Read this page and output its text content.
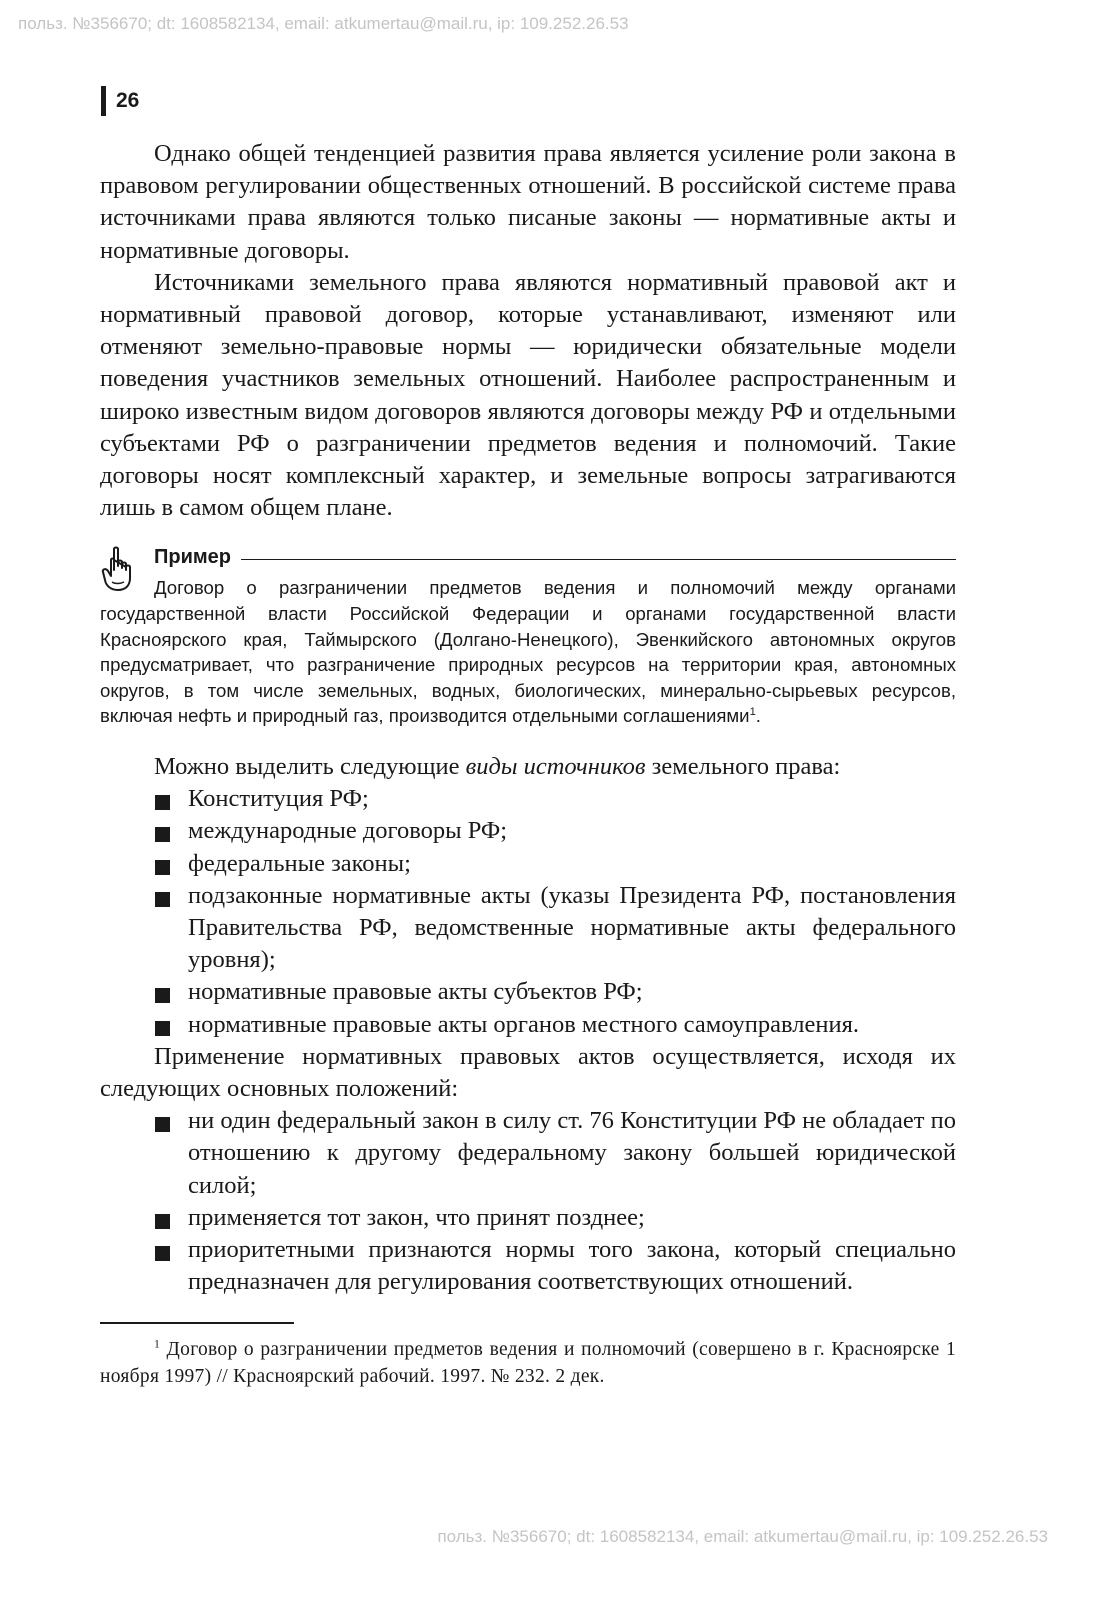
польз. №356670; dt: 1608582134, email: atkumertau@mail.ru, ip: 109.252.26.53
26

Однако общей тенденцией развития права является усиление роли закона в правовом регулировании общественных отношений. В российской системе права источниками права являются только писаные законы — нормативные акты и нормативные договоры.

Источниками земельного права являются нормативный правовой акт и нормативный правовой договор, которые устанавливают, изменяют или отменяют земельно-правовые нормы — юридически обязательные модели поведения участников земельных отношений. Наиболее распространенным и широко известным видом договоров являются договоры между РФ и отдельными субъектами РФ о разграничении предметов ведения и полномочий. Такие договоры носят комплексный характер, и земельные вопросы затрагиваются лишь в самом общем плане.

Пример

Договор о разграничении предметов ведения и полномочий между органами государственной власти Российской Федерации и органами государственной власти Красноярского края, Таймырского (Долгано-Ненецкого), Эвенкийского автономных округов предусматривает, что разграничение природных ресурсов на территории края, автономных округов, в том числе земельных, водных, биологических, минерально-сырьевых ресурсов, включая нефть и природный газ, производится отдельными соглашениями$^1$.

Можно выделить следующие виды источников земельного права:

Конституция РФ;
международные договоры РФ;
федеральные законы;
подзаконные нормативные акты (указы Президента РФ, постановления Правительства РФ, ведомственные нормативные акты федерального уровня);
нормативные правовые акты субъектов РФ;
нормативные правовые акты органов местного самоуправления.

Применение нормативных правовых актов осуществляется, исходя их следующих основных положений:

ни один федеральный закон в силу ст. 76 Конституции РФ не обладает по отношению к другому федеральному закону большей юридической силой;
применяется тот закон, что принят позднее;
приоритетными признаются нормы того закона, который специально предназначен для регулирования соответствующих отношений.

$^1$ Договор о разграничении предметов ведения и полномочий (совершено в г. Красноярске 1 ноября 1997) // Красноярский рабочий. 1997. № 232. 2 дек.

польз. №356670; dt: 1608582134, email: atkumertau@mail.ru, ip: 109.252.26.53
